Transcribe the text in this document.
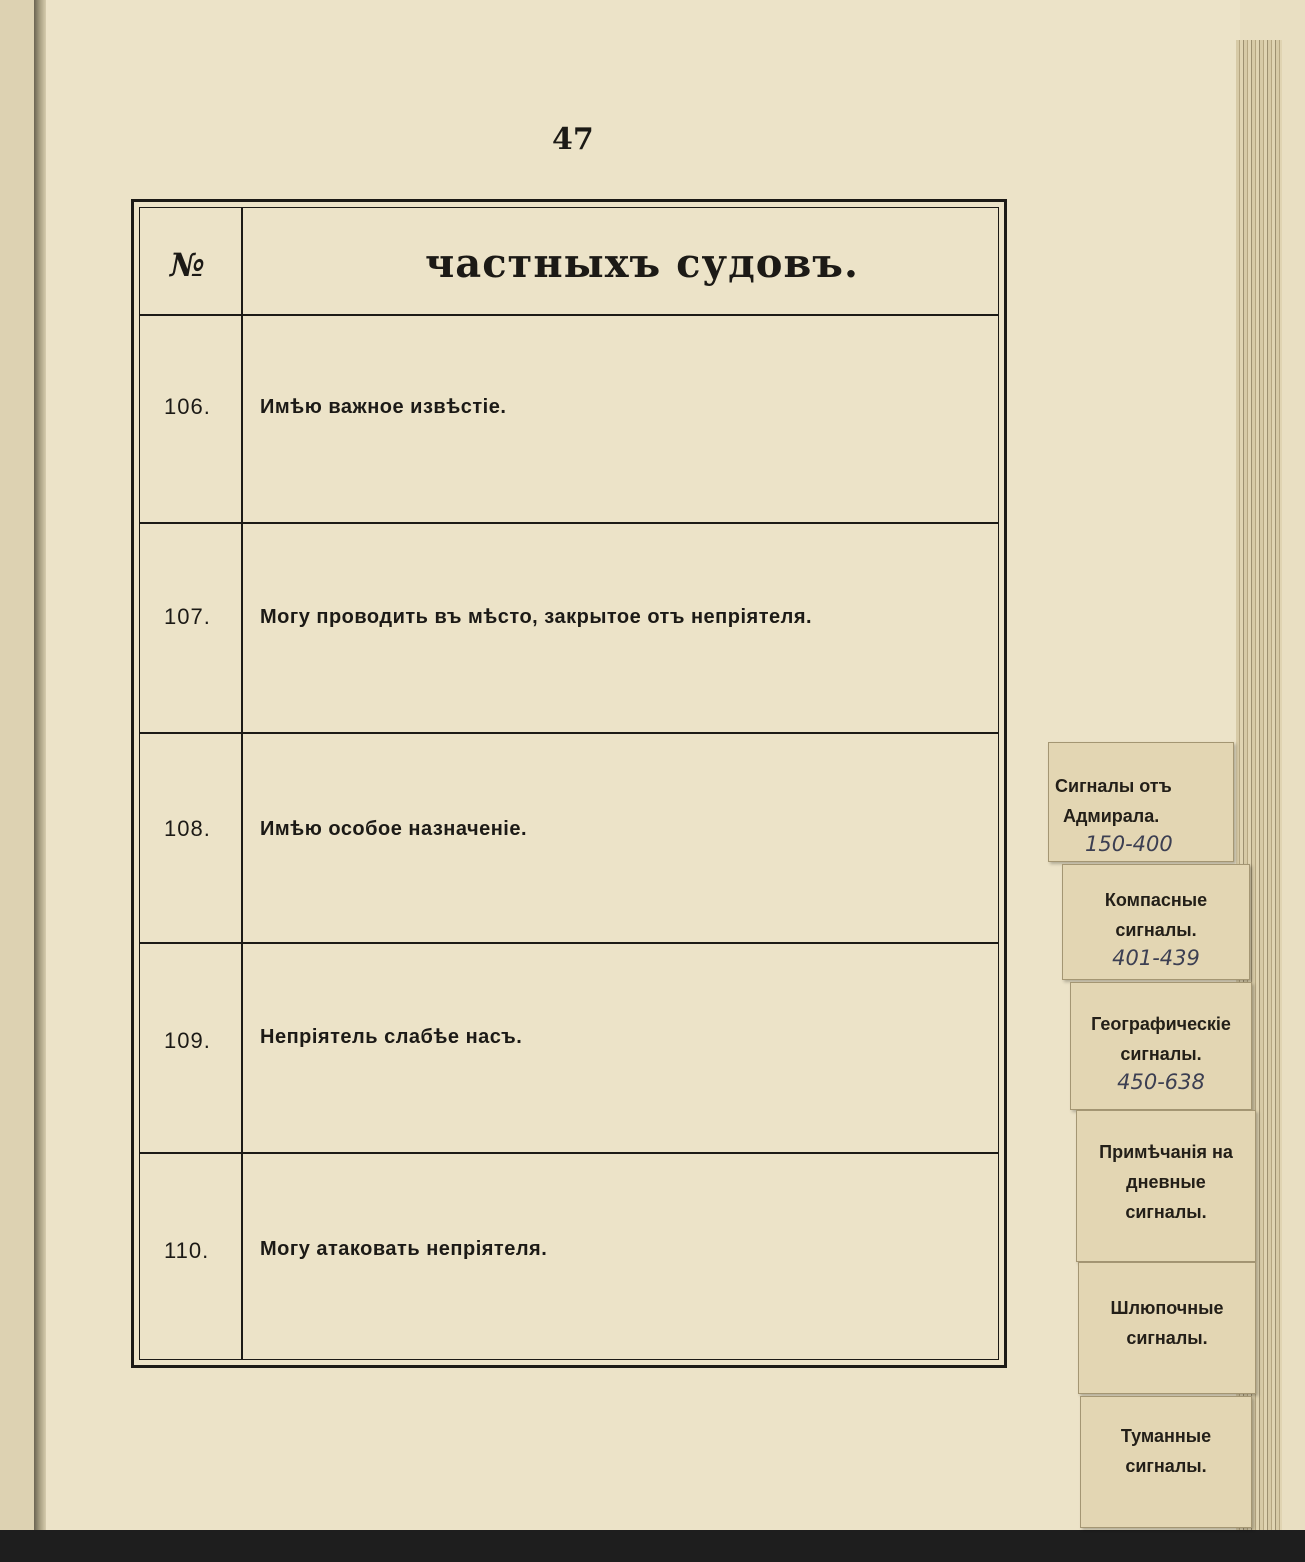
47
№	частныхъ судовъ.
106. Имѣю важное извѣстіе.
107. Могу проводить въ мѣсто, закрытое отъ непріятеля.
108. Имѣю особое назначеніе.
109. Непріятель слабѣе насъ.
110.	Могу атаковать непріятеля.
Сигналы отъ
Адмирала.
150-400
Компасные
сигналы.
401-439
Географическіе
сигналы.
450-638
Примѣчанія на
дневные
сигналы.
Шлюпочные
сигналы.
Туманные
сигналы.
